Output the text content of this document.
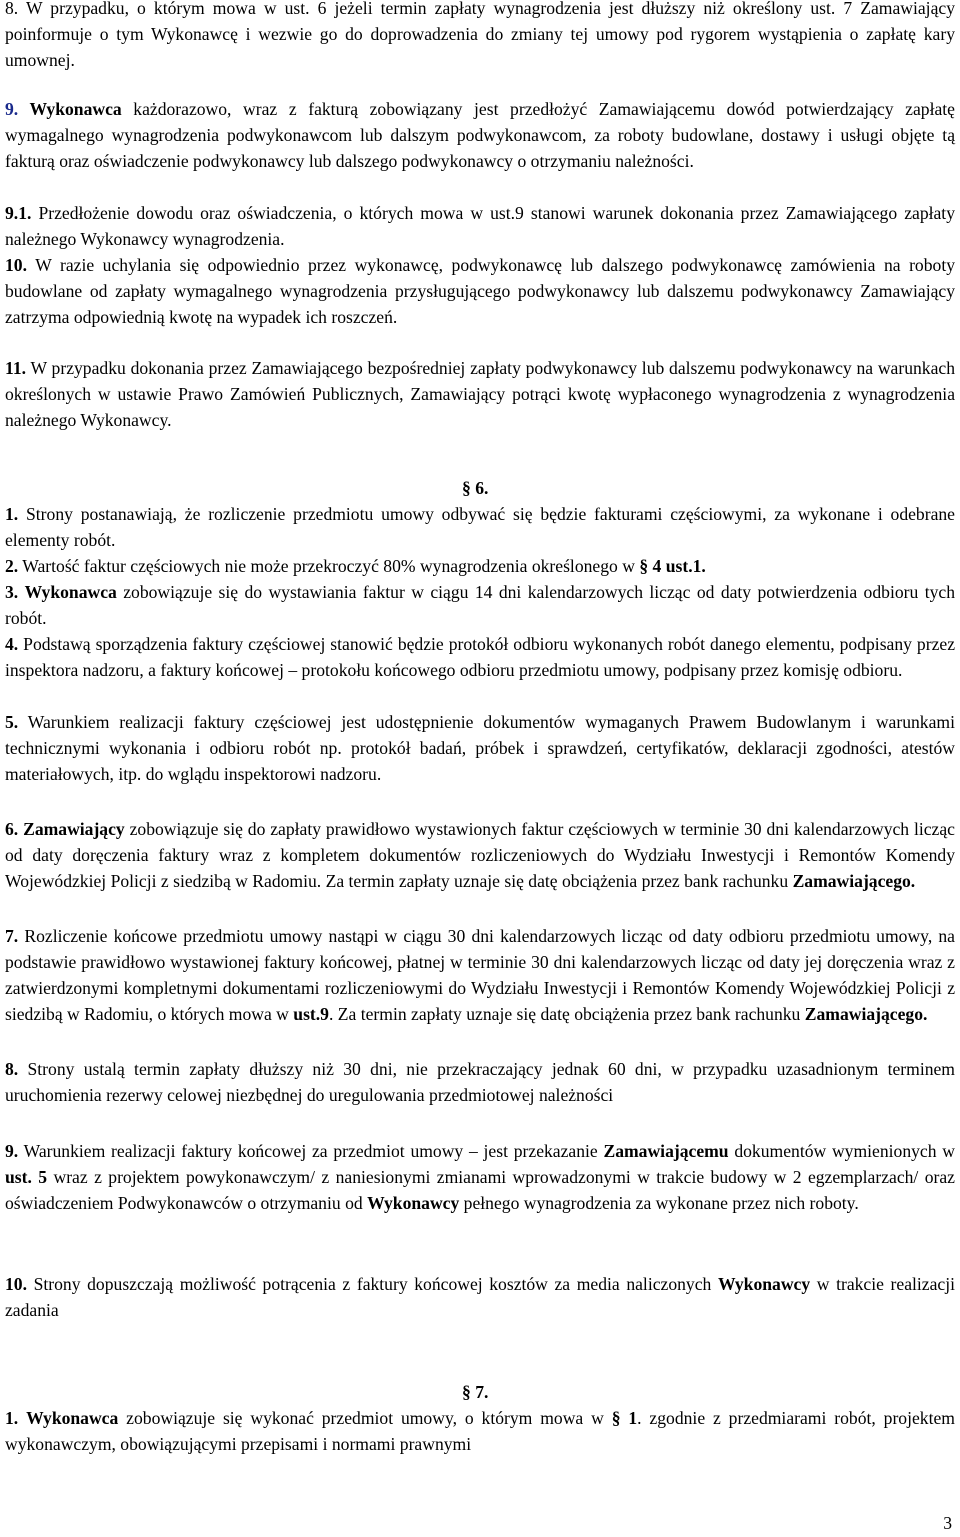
8. W przypadku, o którym mowa w ust. 6 jeżeli termin zapłaty wynagrodzenia jest dłuższy niż określony ust. 7 Zamawiający poinformuje o tym Wykonawcę i wezwie go do doprowadzenia do zmiany tej umowy pod rygorem wystąpienia o zapłatę kary umownej.

9. Wykonawca każdorazowo, wraz z fakturą zobowiązany jest przedłożyć Zamawiającemu dowód potwierdzający zapłatę wymagalnego wynagrodzenia podwykonawcom lub dalszym podwykonawcom, za roboty budowlane, dostawy i usługi objęte tą fakturą oraz oświadczenie podwykonawcy lub dalszego podwykonawcy o otrzymaniu należności.

9.1. Przedłożenie dowodu oraz oświadczenia, o których mowa w ust.9 stanowi warunek dokonania przez Zamawiającego zapłaty należnego Wykonawcy wynagrodzenia.

10. W razie uchylania się odpowiednio przez wykonawcę, podwykonawcę lub dalszego podwykonawcę zamówienia na roboty budowlane od zapłaty wymagalnego wynagrodzenia przysługującego podwykonawcy lub dalszemu podwykonawcy Zamawiający zatrzyma odpowiednią kwotę na wypadek ich roszczeń.

11. W przypadku dokonania przez Zamawiającego bezpośredniej zapłaty podwykonawcy lub dalszemu podwykonawcy na warunkach określonych w ustawie Prawo Zamówień Publicznych, Zamawiający potrąci kwotę wypłaconego wynagrodzenia z wynagrodzenia należnego Wykonawcy.

§ 6.

1. Strony postanawiają, że rozliczenie przedmiotu umowy odbywać się będzie fakturami częściowymi, za wykonane i odebrane elementy robót.

2. Wartość faktur częściowych nie może przekroczyć 80% wynagrodzenia określonego w § 4 ust.1.

3. Wykonawca zobowiązuje się do wystawiania faktur w ciągu 14 dni kalendarzowych licząc od daty potwierdzenia odbioru tych robót.

4. Podstawą sporządzenia faktury częściowej stanowić będzie protokół odbioru wykonanych robót danego elementu, podpisany przez inspektora nadzoru, a faktury końcowej – protokołu końcowego odbioru przedmiotu umowy, podpisany przez komisję odbioru.

5. Warunkiem realizacji faktury częściowej jest udostępnienie dokumentów wymaganych Prawem Budowlanym i warunkami technicznymi wykonania i odbioru robót np. protokół badań, próbek i sprawdzeń, certyfikatów, deklaracji zgodności, atestów materiałowych, itp. do wglądu inspektorowi nadzoru.

6. Zamawiający zobowiązuje się do zapłaty prawidłowo wystawionych faktur częściowych w terminie 30 dni kalendarzowych licząc od daty doręczenia faktury wraz z kompletem dokumentów rozliczeniowych do Wydziału Inwestycji i Remontów Komendy Wojewódzkiej Policji z siedzibą w Radomiu. Za termin zapłaty uznaje się datę obciążenia przez bank rachunku Zamawiającego.

7. Rozliczenie końcowe przedmiotu umowy nastąpi w ciągu 30 dni kalendarzowych licząc od daty odbioru przedmiotu umowy, na podstawie prawidłowo wystawionej faktury końcowej, płatnej w terminie 30 dni kalendarzowych licząc od daty jej doręczenia wraz z zatwierdzonymi kompletnymi dokumentami rozliczeniowymi do Wydziału Inwestycji i Remontów Komendy Wojewódzkiej Policji z siedzibą w Radomiu, o których mowa w ust.9. Za termin zapłaty uznaje się datę obciążenia przez bank rachunku Zamawiającego.

8. Strony ustalą termin zapłaty dłuższy niż 30 dni, nie przekraczający jednak 60 dni, w przypadku uzasadnionym terminem uruchomienia rezerwy celowej niezbędnej do uregulowania przedmiotowej należności

9. Warunkiem realizacji faktury końcowej za przedmiot umowy – jest przekazanie Zamawiającemu dokumentów wymienionych w ust. 5 wraz z projektem powykonawczym/ z naniesionymi zmianami wprowadzonymi w trakcie budowy w 2 egzemplarzach/ oraz oświadczeniem Podwykonawców o otrzymaniu od Wykonawcy pełnego wynagrodzenia za wykonane przez nich roboty.

10. Strony dopuszczają możliwość potrącenia z faktury końcowej kosztów za media naliczonych Wykonawcy w trakcie realizacji zadania

§ 7.

1. Wykonawca zobowiązuje się wykonać przedmiot umowy, o którym mowa w § 1. zgodnie z przedmiarami robót, projektem wykonawczym, obowiązującymi przepisami i normami prawnymi

3
